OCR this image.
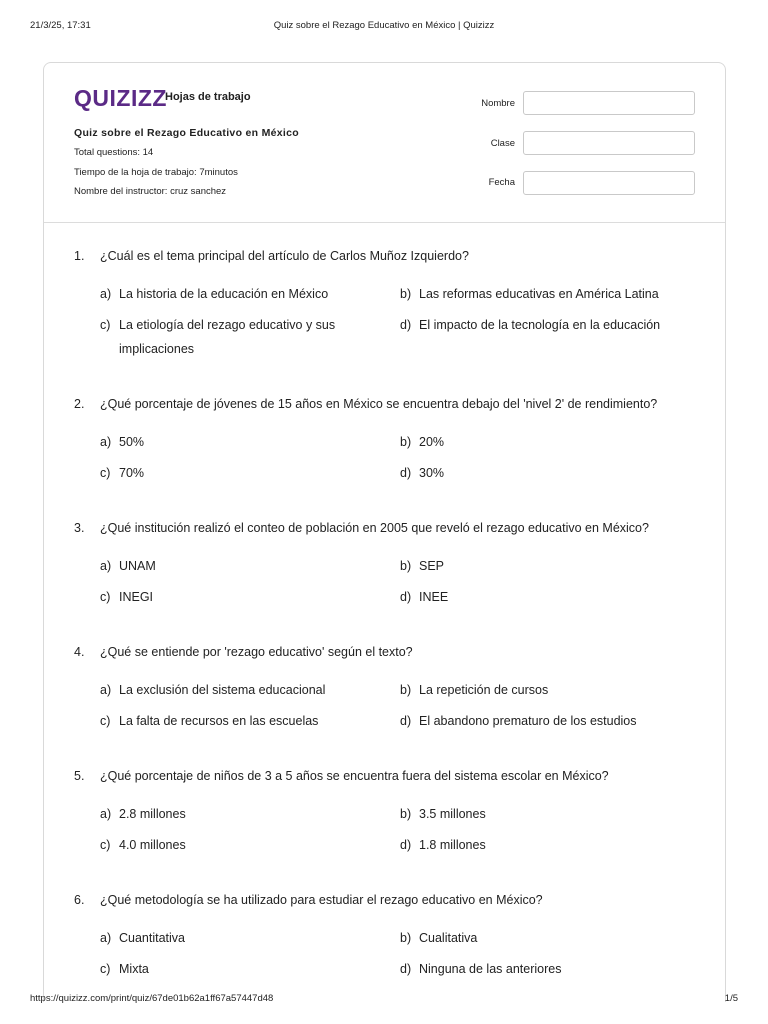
21/3/25, 17:31	Quiz sobre el Rezago Educativo en México | Quizizz
QUIZIZZ
Hojas de trabajo
Quiz sobre el Rezago Educativo en México
Total questions: 14
Tiempo de la hoja de trabajo: 7minutos
Nombre del instructor: cruz sanchez
Nombre
Clase
Fecha
1. ¿Cuál es el tema principal del artículo de Carlos Muñoz Izquierdo?
a) La historia de la educación en México	b) Las reformas educativas en América Latina
c) La etiología del rezago educativo y sus
implicaciones
d) El impacto de la tecnología en la educación
2. ¿Qué porcentaje de jóvenes de 15 años en México se encuentra debajo del 'nivel 2' de rendimiento?
a) 50%	b) 20%
c) 70%	d) 30%
3. ¿Qué institución realizó el conteo de población en 2005 que reveló el rezago educativo en México?
a) UNAM	b) SEP
c) INEGI	d) INEE
4. ¿Qué se entiende por 'rezago educativo' según el texto?
a) La exclusión del sistema educacional	b) La repetición de cursos
c) La falta de recursos en las escuelas	d) El abandono prematuro de los estudios
5. ¿Qué porcentaje de niños de 3 a 5 años se encuentra fuera del sistema escolar en México?
a) 2.8 millones	b) 3.5 millones
c) 4.0 millones	d) 1.8 millones
6. ¿Qué metodología se ha utilizado para estudiar el rezago educativo en México?
a) Cuantitativa	b) Cualitativa
c) Mixta	d) Ninguna de las anteriores
https://quizizz.com/print/quiz/67de01b62a1ff67a57447d48	1/5
